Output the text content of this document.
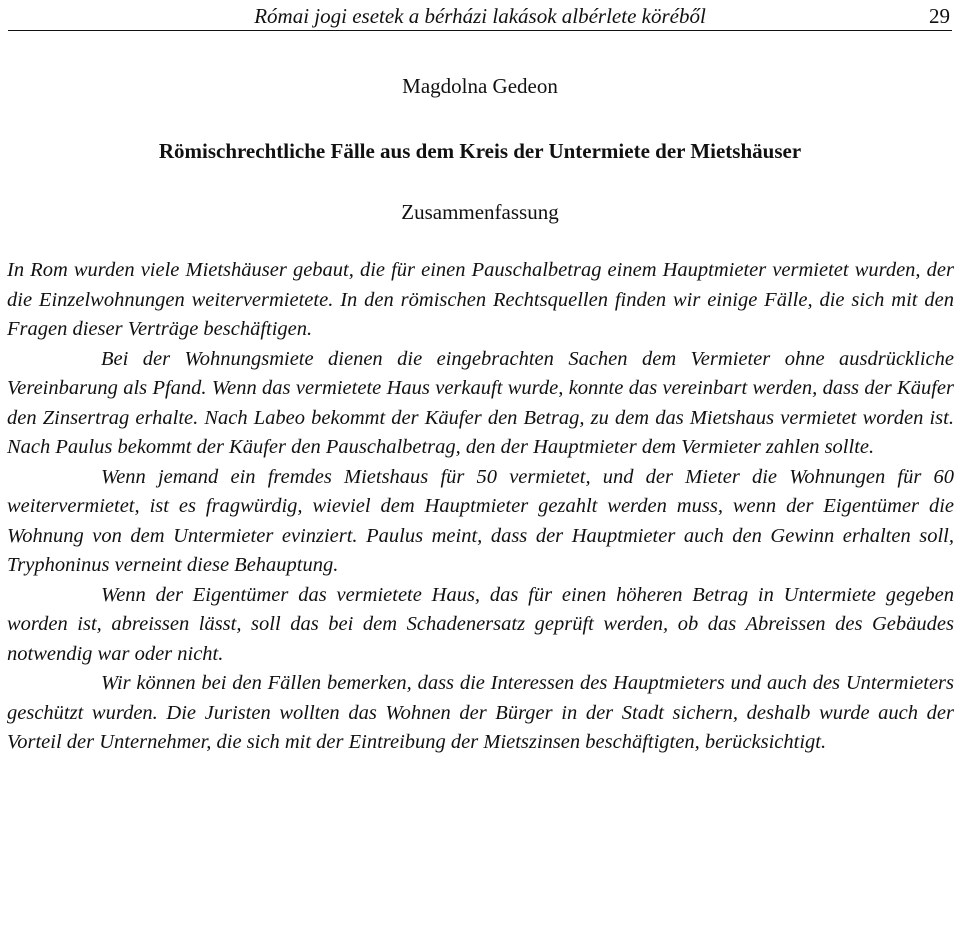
Római jogi esetek a bérházi lakások albérlete köréből	29
Magdolna Gedeon
Römischrechtliche Fälle aus dem Kreis der Untermiete der Mietshäuser
Zusammenfassung

In Rom wurden viele Mietshäuser gebaut, die für einen Pauschalbetrag einem Hauptmieter vermietet wurden, der die Einzelwohnungen weitervermietete. In den römischen Rechtsquellen finden wir einige Fälle, die sich mit den Fragen dieser Verträge beschäftigen.

Bei der Wohnungsmiete dienen die eingebrachten Sachen dem Vermieter ohne ausdrückliche Vereinbarung als Pfand. Wenn das vermietete Haus verkauft wurde, konnte das vereinbart werden, dass der Käufer den Zinsertrag erhalte. Nach Labeo bekommt der Käufer den Betrag, zu dem das Mietshaus vermietet worden ist. Nach Paulus bekommt der Käufer den Pauschalbetrag, den der Hauptmieter dem Vermieter zahlen sollte.

Wenn jemand ein fremdes Mietshaus für 50 vermietet, und der Mieter die Wohnungen für 60 weitervermietet, ist es fragwürdig, wieviel dem Hauptmieter gezahlt werden muss, wenn der Eigentümer die Wohnung von dem Untermieter evinziert. Paulus meint, dass der Hauptmieter auch den Gewinn erhalten soll, Tryphoninus verneint diese Behauptung.

Wenn der Eigentümer das vermietete Haus, das für einen höheren Betrag in Untermiete gegeben worden ist, abreissen lässt, soll das bei dem Schadenersatz geprüft werden, ob das Abreissen des Gebäudes notwendig war oder nicht.

Wir können bei den Fällen bemerken, dass die Interessen des Hauptmieters und auch des Untermieters geschützt wurden. Die Juristen wollten das Wohnen der Bürger in der Stadt sichern, deshalb wurde auch der Vorteil der Unternehmer, die sich mit der Eintreibung der Mietszinsen beschäftigten, berücksichtigt.
